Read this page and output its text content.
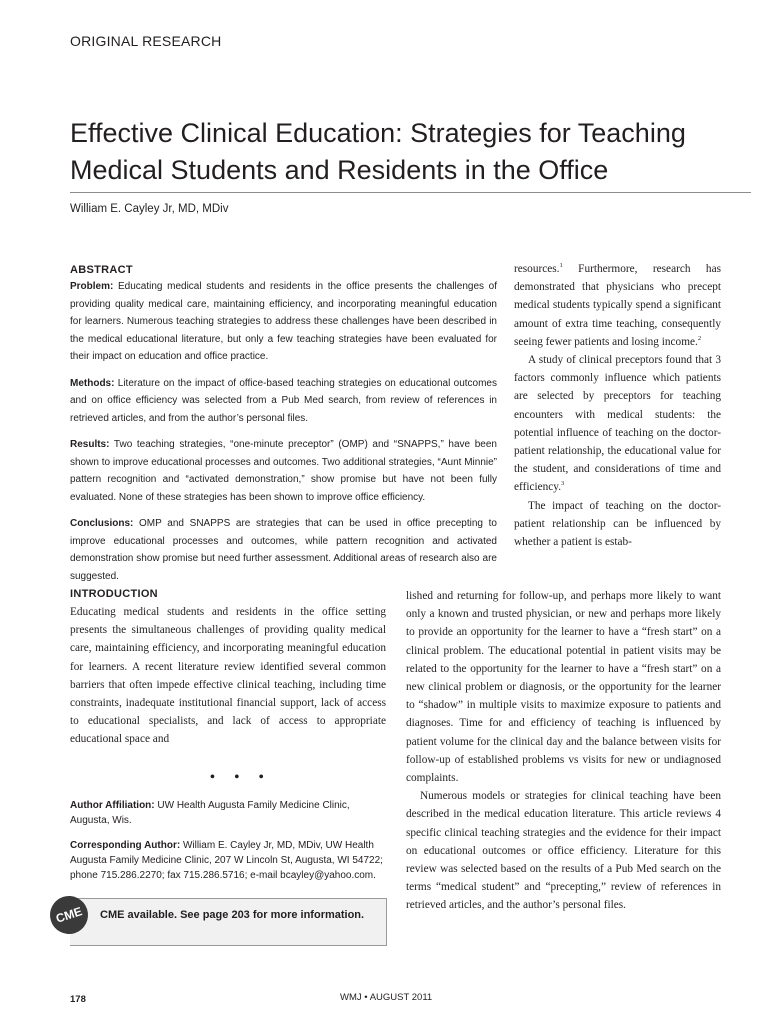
ORIGINAL RESEARCH
Effective Clinical Education: Strategies for Teaching Medical Students and Residents in the Office
William E. Cayley Jr, MD, MDiv
ABSTRACT

Problem: Educating medical students and residents in the office presents the challenges of providing quality medical care, maintaining efficiency, and incorporating meaningful education for learners. Numerous teaching strategies to address these challenges have been described in the medical educational literature, but only a few teaching strategies have been evaluated for their impact on education and office practice.

Methods: Literature on the impact of office-based teaching strategies on educational outcomes and on office efficiency was selected from a Pub Med search, from review of references in retrieved articles, and from the author’s personal files.

Results: Two teaching strategies, “one-minute preceptor” (OMP) and “SNAPPS,” have been shown to improve educational processes and outcomes. Two additional strategies, “Aunt Minnie” pattern recognition and “activated demonstration,” show promise but have not been fully evaluated. None of these strategies has been shown to improve office efficiency.

Conclusions: OMP and SNAPPS are strategies that can be used in office precepting to improve educational processes and outcomes, while pattern recognition and activated demonstration show promise but need further assessment. Additional areas of research also are suggested.

resources.$^1$ Furthermore, research has demonstrated that physicians who precept medical students typically spend a significant amount of extra time teaching, consequently seeing fewer patients and losing income.$^2$

A study of clinical preceptors found that 3 factors commonly influence which patients are selected by preceptors for teaching encounters with medical students: the potential influence of teaching on the doctor-patient relationship, the educational value for the student, and considerations of time and efficiency.$^3$

The impact of teaching on the doctor-patient relationship can be influenced by whether a patient is estab-

INTRODUCTION

Educating medical students and residents in the office setting presents the simultaneous challenges of providing quality medical care, maintaining efficiency, and incorporating meaningful education for learners. A recent literature review identified several common barriers that often impede effective clinical teaching, including time constraints, inadequate institutional financial support, lack of access to educational specialists, and lack of access to appropriate educational space and

lished and returning for follow-up, and perhaps more likely to want only a known and trusted physician, or new and perhaps more likely to provide an opportunity for the learner to have a “fresh start” on a clinical problem. The educational potential in patient visits may be related to the opportunity for the learner to have a “fresh start” on a new clinical problem or diagnosis, or the opportunity for the learner to “shadow” in multiple visits to maximize exposure to patients and diagnoses. Time for and efficiency of teaching is influenced by patient volume for the clinical day and the balance between visits for follow-up of established problems vs visits for new or undiagnosed complaints.

Numerous models or strategies for clinical teaching have been described in the medical education literature. This article reviews 4 specific clinical teaching strategies and the evidence for their impact on educational outcomes or office efficiency. Literature for this review was selected based on the results of a Pub Med search on the terms “medical student” and “precepting,” review of references in retrieved articles, and the author’s personal files.

• • •

Author Affiliation: UW Health Augusta Family Medicine Clinic, Augusta, Wis.

Corresponding Author: William E. Cayley Jr, MD, MDiv, UW Health Augusta Family Medicine Clinic, 207 W Lincoln St, Augusta, WI 54722; phone 715.286.2270; fax 715.286.5716; e-mail bcayley@yahoo.com.

CME	CME available. See page 203 for more information.
178	WMJ • AUGUST 2011
